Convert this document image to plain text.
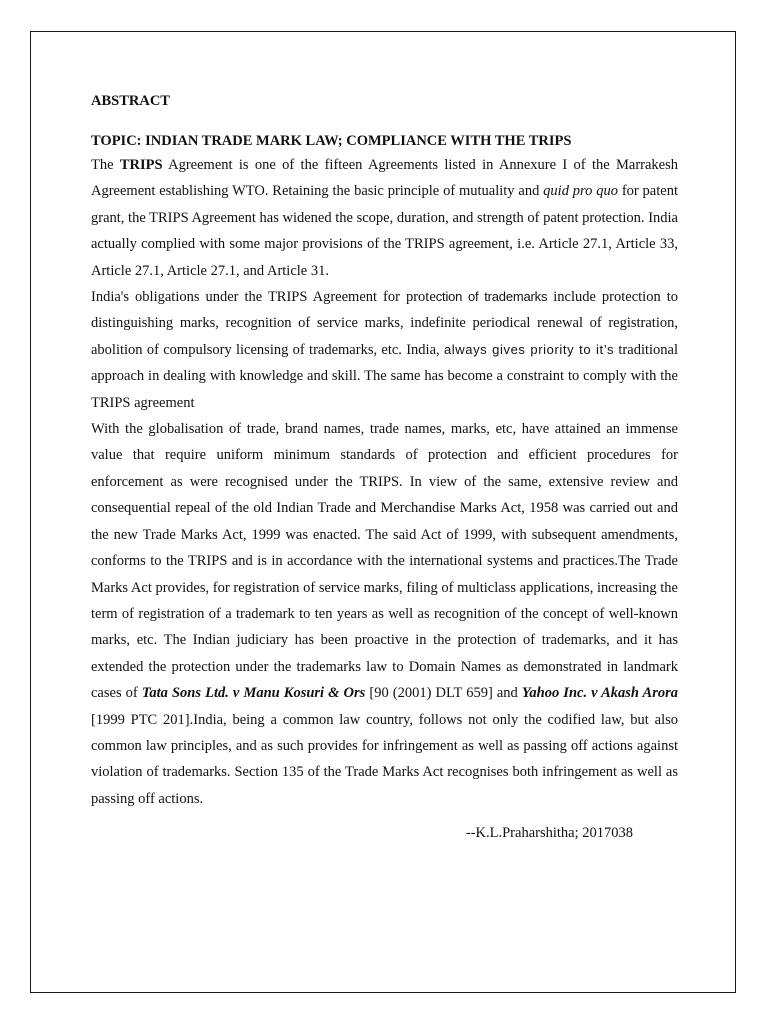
ABSTRACT
TOPIC: INDIAN TRADE MARK LAW; COMPLIANCE WITH THE TRIPS

The TRIPS Agreement is one of the fifteen Agreements listed in Annexure I of the Marrakesh Agreement establishing WTO. Retaining the basic principle of mutuality and quid pro quo for patent grant, the TRIPS Agreement has widened the scope, duration, and strength of patent protection. India actually complied with some major provisions of the TRIPS agreement, i.e. Article 27.1, Article 33, Article 27.1, Article 27.1, and Article 31.

India's obligations under the TRIPS Agreement for protection of trademarks include protection to distinguishing marks, recognition of service marks, indefinite periodical renewal of registration, abolition of compulsory licensing of trademarks, etc. India, always gives priority to it’s traditional approach in dealing with knowledge and skill. The same has become a constraint to comply with the TRIPS agreement

With the globalisation of trade, brand names, trade names, marks, etc, have attained an immense value that require uniform minimum standards of protection and efficient procedures for enforcement as were recognised under the TRIPS. In view of the same, extensive review and consequential repeal of the old Indian Trade and Merchandise Marks Act, 1958 was carried out and the new Trade Marks Act, 1999 was enacted. The said Act of 1999, with subsequent amendments, conforms to the TRIPS and is in accordance with the international systems and practices.The Trade Marks Act provides, for registration of service marks, filing of multiclass applications, increasing the term of registration of a trademark to ten years as well as recognition of the concept of well-known marks, etc. The Indian judiciary has been proactive in the protection of trademarks, and it has extended the protection under the trademarks law to Domain Names as demonstrated in landmark cases of Tata Sons Ltd. v Manu Kosuri & Ors [90 (2001) DLT 659] and Yahoo Inc. v Akash Arora [1999 PTC 201].India, being a common law country, follows not only the codified law, but also common law principles, and as such provides for infringement as well as passing off actions against violation of trademarks. Section 135 of the Trade Marks Act recognises both infringement as well as passing off actions.

--K.L.Praharshitha; 2017038
